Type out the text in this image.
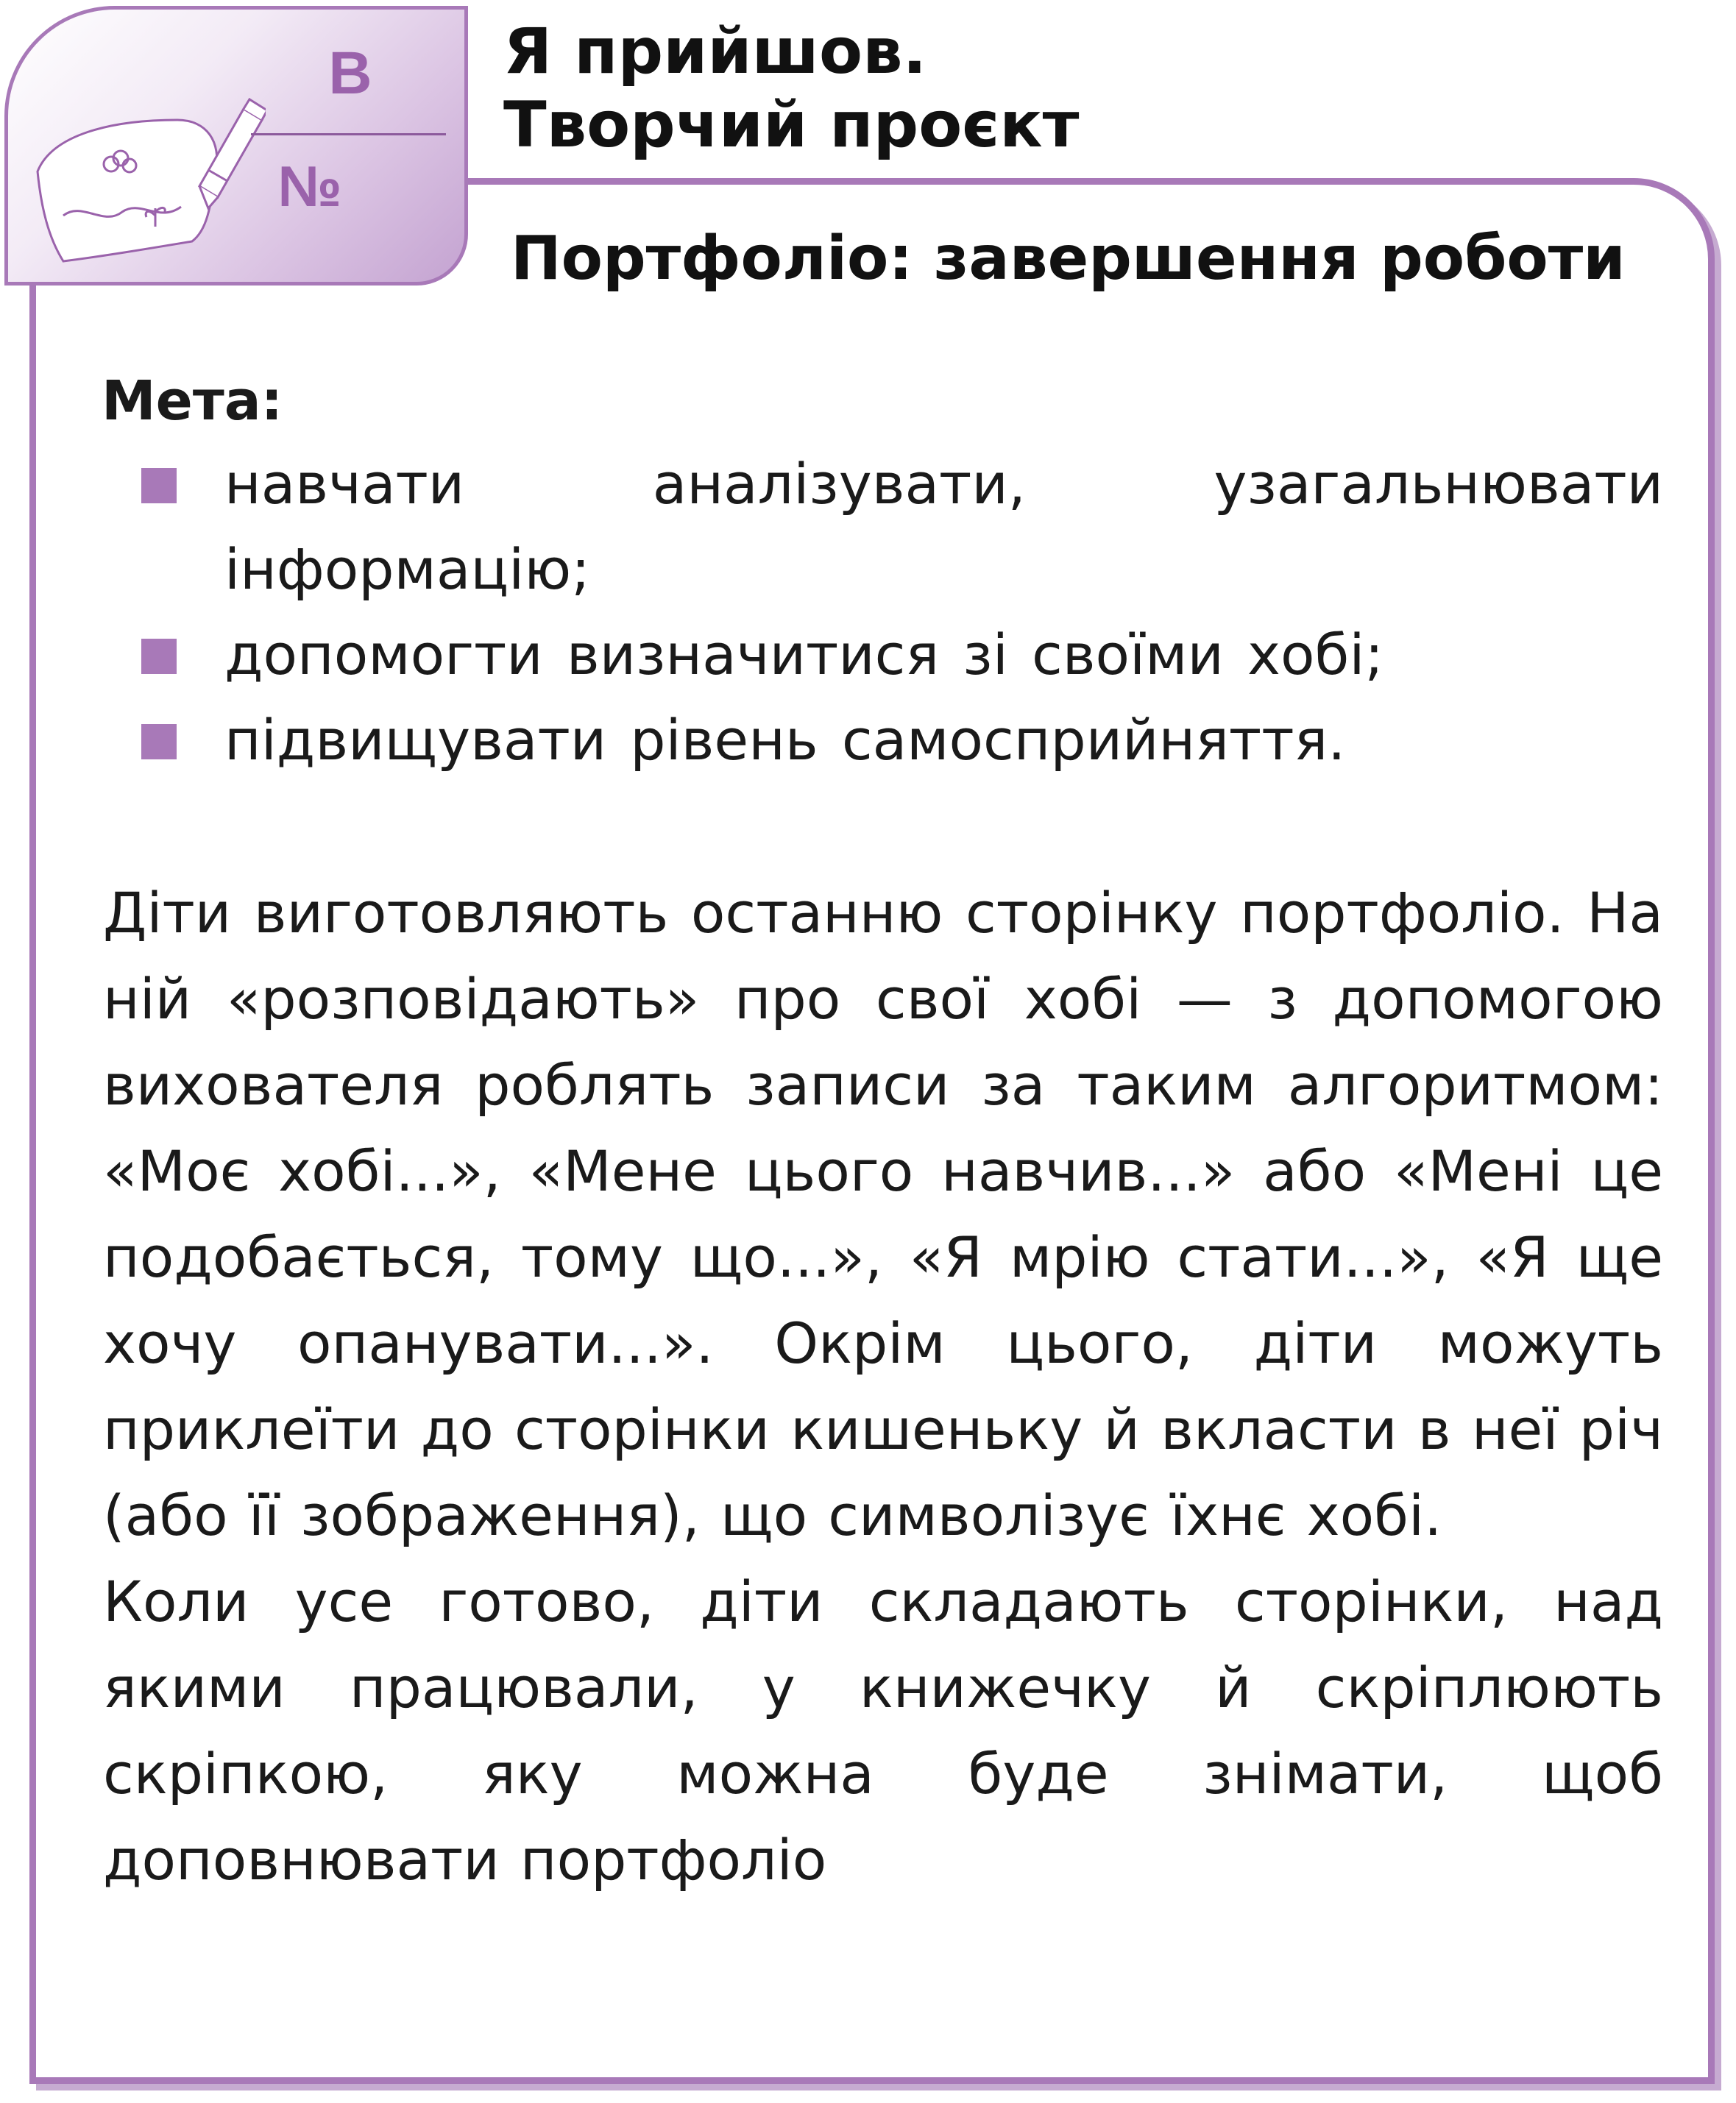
В
№
Я прийшов.
Творчий проєкт
Портфоліо: завершення роботи
Мета:
навчати аналізувати, узагальнювати інформацію;
допомогти визначитися зі своїми хобі;
підвищувати рівень самосприйняття.

Діти виготовляють останню сторінку портфоліо. На ній «розповідають» про свої хобі — з допомогою вихователя роблять записи за таким алгоритмом: «Моє хобі...», «Мене цього навчив...» або «Мені це подобається, тому що...», «Я мрію стати...», «Я ще хочу опанувати...». Окрім цього, діти можуть приклеїти до сторінки кишеньку й вкласти в неї річ (або її зображення), що символізує їхнє хобі.

Коли усе готово, діти складають сторінки, над якими працювали, у книжечку й скріплюють скріпкою, яку можна буде знімати, щоб доповнювати портфоліо
